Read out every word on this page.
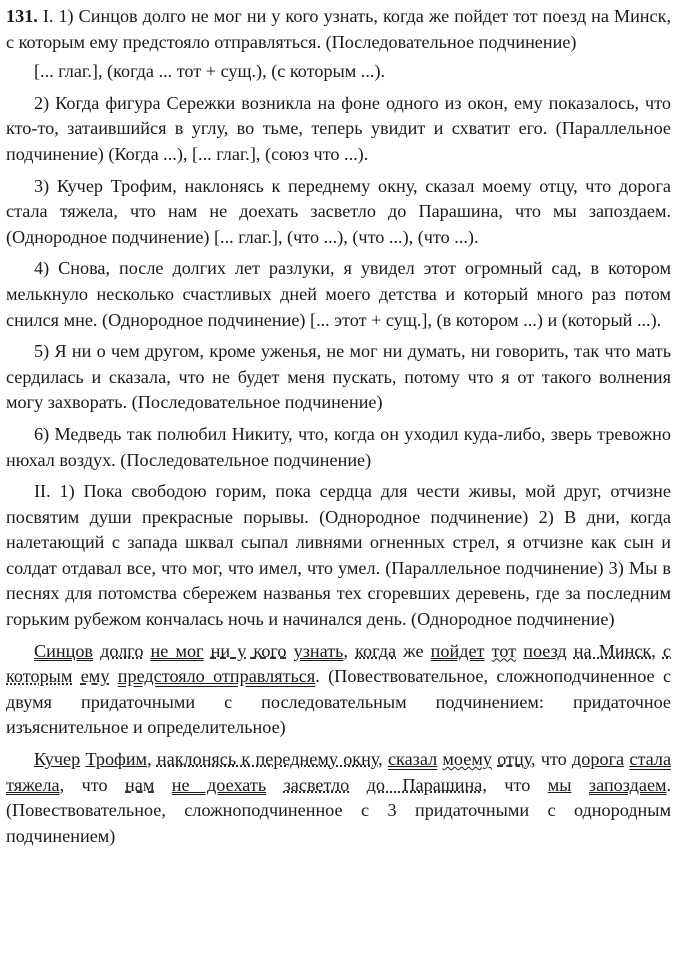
131. I. 1) Синцов долго не мог ни у кого узнать, когда же пойдет тот поезд на Минск, с которым ему предстояло отправляться. (Последовательное подчинение)

[... глаг.], (когда ... тот + сущ.), (с которым ...).

2) Когда фигура Сережки возникла на фоне одного из окон, ему показалось, что кто-то, затаившийся в углу, во тьме, теперь увидит и схватит его. (Параллельное подчинение) (Когда ...), [... глаг.], (союз что ...).

3) Кучер Трофим, наклонясь к переднему окну, сказал моему отцу, что дорога стала тяжела, что нам не доехать засветло до Парашина, что мы запоздаем. (Однородное подчинение) [... глаг.], (что ...), (что ...), (что ...).

4) Снова, после долгих лет разлуки, я увидел этот огромный сад, в котором мелькнуло несколько счастливых дней моего детства и который много раз потом снился мне. (Однородное подчинение) [... этот + сущ.], (в котором ...) и (который ...).

5) Я ни о чем другом, кроме уженья, не мог ни думать, ни говорить, так что мать сердилась и сказала, что не будет меня пускать, потому что я от такого волнения могу захворать. (Последовательное подчинение)

6) Медведь так полюбил Никиту, что, когда он уходил куда-либо, зверь тревожно нюхал воздух. (Последовательное подчинение)

II. 1) Пока свободою горим, пока сердца для чести живы, мой друг, отчизне посвятим души прекрасные порывы. (Однородное подчинение) 2) В дни, когда налетающий с запада шквал сыпал ливнями огненных стрел, я отчизне как сын и солдат отдавал все, что мог, что имел, что умел. (Параллельное подчинение) 3) Мы в песнях для потомства сбережем названья тех сгоревших деревень, где за последним горьким рубежом кончалась ночь и начинался день. (Однородное подчинение)

Синцов долго не мог ни у кого узнать, когда же пойдет тот поезд на Минск, с которым ему предстояло отправляться. (Повествовательное, сложноподчиненное с двумя придаточными с последовательным подчинением: придаточное изъяснительное и определительное)

Кучер Трофим, наклонясь к переднему окну, сказал моему отцу, что дорога стала тяжела, что нам не доехать засветло до Парашина, что мы запоздаем. (Повествовательное, сложноподчиненное с 3 придаточными с однородным подчинением)
